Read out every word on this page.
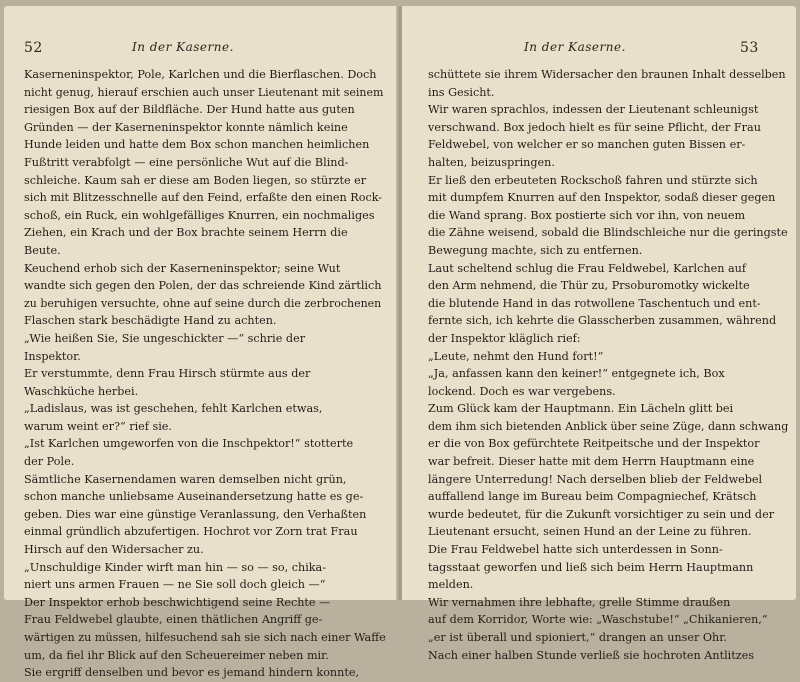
52	In der Kaserne.
Kaserneninspektor, Pole, Karlchen und die Bierflaschen. Doch
nicht genug, hierauf erschien auch unser Lieutenant mit seinem
riesigen Box auf der Bildfläche. Der Hund hatte aus guten
Gründen — der Kaserneninspektor konnte nämlich keine
Hunde leiden und hatte dem Box schon manchen heimlichen
Fußtritt verabfolgt — eine persönliche Wut auf die Blind-
schleiche. Kaum sah er diese am Boden liegen, so stürzte er
sich mit Blitzesschnelle auf den Feind, erfaßte den einen Rock-
schoß, ein Ruck, ein wohlgefälliges Knurren, ein nochmaliges
Ziehen, ein Krach und der Box brachte seinem Herrn die
Beute.
Keuchend erhob sich der Kaserneninspektor; seine Wut
wandte sich gegen den Polen, der das schreiende Kind zärtlich
zu beruhigen versuchte, ohne auf seine durch die zerbrochenen
Flaschen stark beschädigte Hand zu achten.
„Wie heißen Sie, Sie ungeschickter —“ schrie der
Inspektor.
Er verstummte, denn Frau Hirsch stürmte aus der
Waschküche herbei.
„Ladislaus, was ist geschehen, fehlt Karlchen etwas,
warum weint er?“ rief sie.
„Ist Karlchen umgeworfen von die Inschpektor!“ stotterte
der Pole.
Sämtliche Kasernendamen waren demselben nicht grün,
schon manche unliebsame Auseinandersetzung hatte es ge-
geben. Dies war eine günstige Veranlassung, den Verhaßten
einmal gründlich abzufertigen. Hochrot vor Zorn trat Frau
Hirsch auf den Widersacher zu.
„Unschuldige Kinder wirft man hin — so — so, chika-
niert uns armen Frauen — ne Sie soll doch gleich —“
Der Inspektor erhob beschwichtigend seine Rechte —
Frau Feldwebel glaubte, einen thätlichen Angriff ge-
wärtigen zu müssen, hilfesuchend sah sie sich nach einer Waffe
um, da fiel ihr Blick auf den Scheuereimer neben mir.
Sie ergriff denselben und bevor es jemand hindern konnte,
In der Kaserne.	53
schüttete sie ihrem Widersacher den braunen Inhalt desselben
ins Gesicht.
Wir waren sprachlos, indessen der Lieutenant schleunigst
verschwand. Box jedoch hielt es für seine Pflicht, der Frau
Feldwebel, von welcher er so manchen guten Bissen er-
halten, beizuspringen.
Er ließ den erbeuteten Rockschoß fahren und stürzte sich
mit dumpfem Knurren auf den Inspektor, sodaß dieser gegen
die Wand sprang. Box postierte sich vor ihn, von neuem
die Zähne weisend, sobald die Blindschleiche nur die geringste
Bewegung machte, sich zu entfernen.
Laut scheltend schlug die Frau Feldwebel, Karlchen auf
den Arm nehmend, die Thür zu, Prsoburomotky wickelte
die blutende Hand in das rotwollene Taschentuch und ent-
fernte sich, ich kehrte die Glasscherben zusammen, während
der Inspektor kläglich rief:
„Leute, nehmt den Hund fort!“
„Ja, anfassen kann den keiner!“ entgegnete ich, Box
lockend. Doch es war vergebens.
Zum Glück kam der Hauptmann. Ein Lächeln glitt bei
dem ihm sich bietenden Anblick über seine Züge, dann schwang
er die von Box gefürchtete Reitpeitsche und der Inspektor
war befreit. Dieser hatte mit dem Herrn Hauptmann eine
längere Unterredung! Nach derselben blieb der Feldwebel
auffallend lange im Bureau beim Compagniechef, Krätsch
wurde bedeutet, für die Zukunft vorsichtiger zu sein und der
Lieutenant ersucht, seinen Hund an der Leine zu führen.
Die Frau Feldwebel hatte sich unterdessen in Sonn-
tagsstaat geworfen und ließ sich beim Herrn Hauptmann
melden.
Wir vernahmen ihre lebhafte, grelle Stimme draußen
auf dem Korridor, Worte wie: „Waschstube!“ „Chikanieren,“
„er ist überall und spioniert,“ drangen an unser Ohr.
Nach einer halben Stunde verließ sie hochroten Antlitzes
